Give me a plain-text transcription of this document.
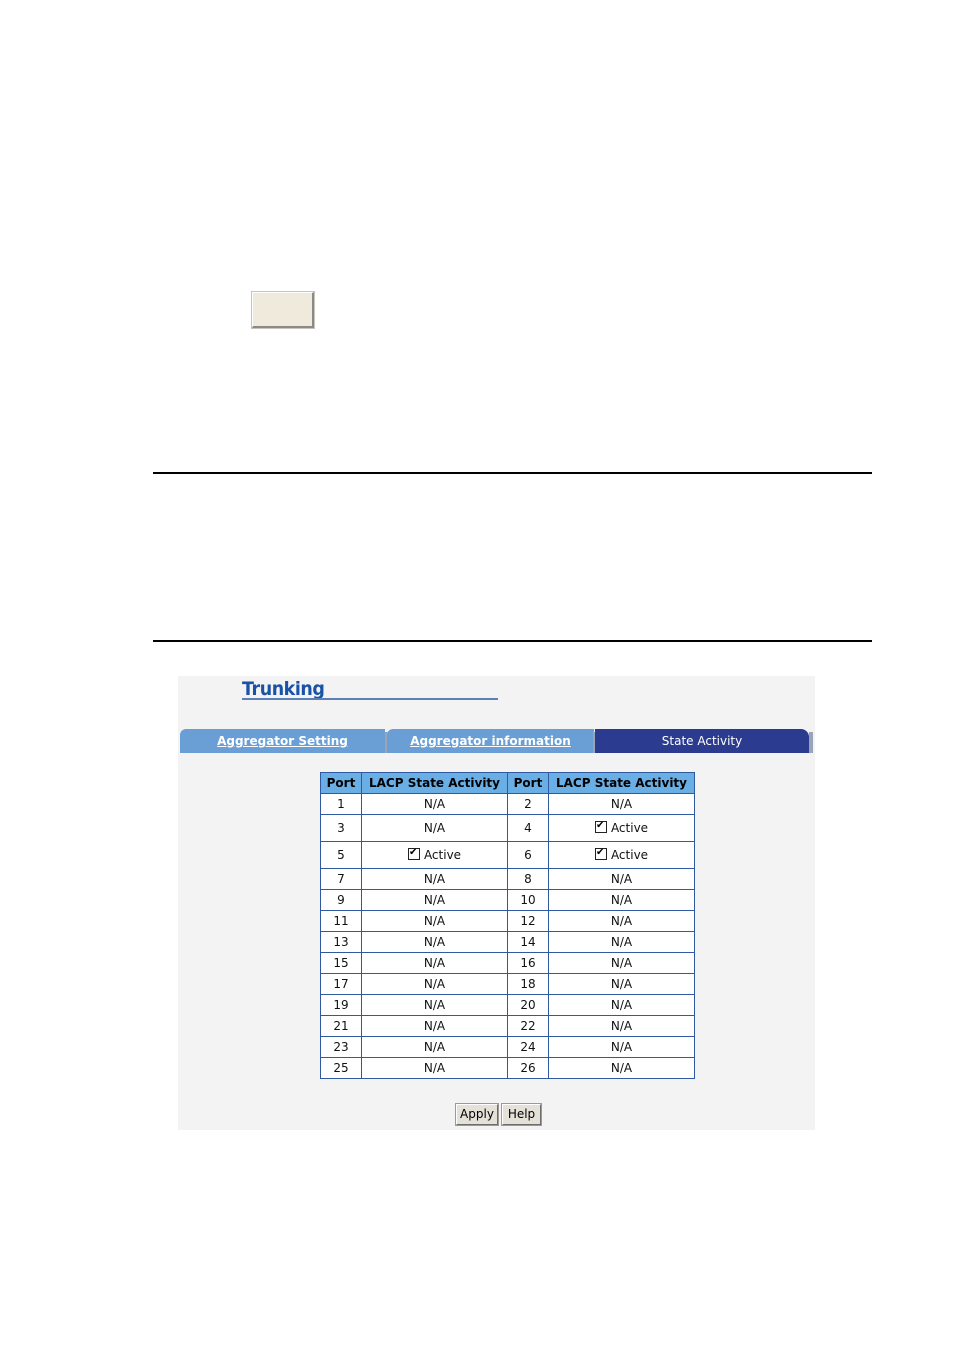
Trunking
Aggregator Setting	Aggregator information	State Activity
Port	LACP State Activity	Port	LACP State Activity
1	N/A	2	N/A
3	N/A	4	✔Active
5	✔Active	6	✔Active
7	N/A	8	N/A
9	N/A	10	N/A
11	N/A	12	N/A
13	N/A	14	N/A
15	N/A	16	N/A
17	N/A	18	N/A
19	N/A	20	N/A
21	N/A	22	N/A
23	N/A	24	N/A
25	N/A	26	N/A
Apply	Help
